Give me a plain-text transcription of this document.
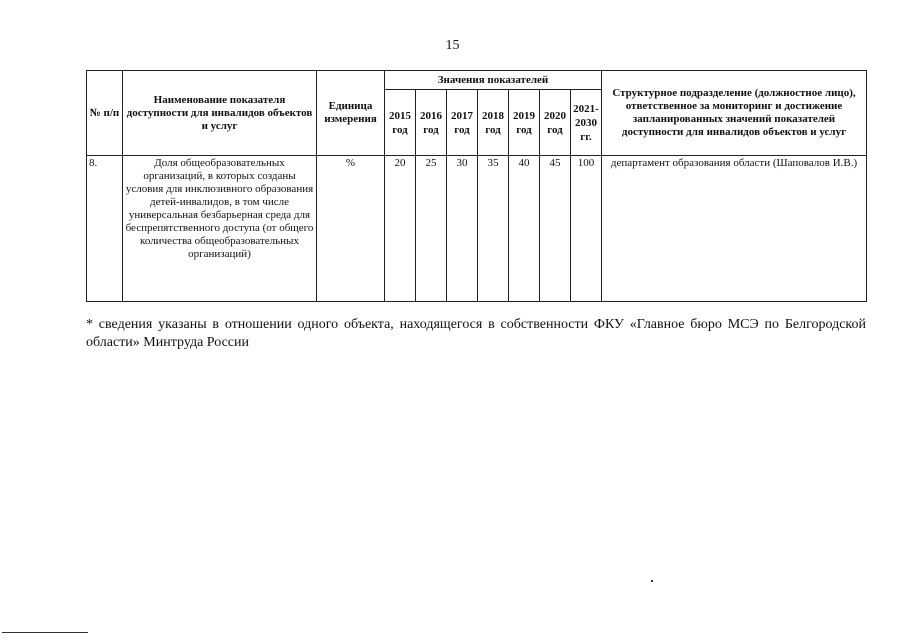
15
№ п/п	Наименование показателя доступности для инвалидов объектов и услуг	Единица измерения	Значения показателей							Структурное подразделение (должностное лицо), ответственное за мониторинг и достижение запланированных значений показателей доступности для инвалидов объектов и услуг
			2015 год	2016 год	2017 год	2018 год	2019 год	2020 год	2021-2030 гг.	
8.	Доля общеобразовательных организаций, в которых созданы условия для инклюзивного образования детей-инвалидов, в том числе универсальная безбарьерная среда для беспрепятственного доступа (от общего количества общеобразовательных организаций)	%	20	25	30	35	40	45	100	департамент образования области (Шаповалов И.В.)
* сведения указаны в отношении одного объекта, находящегося в собственности ФКУ «Главное бюро МСЭ по Белгородской области» Минтруда России
